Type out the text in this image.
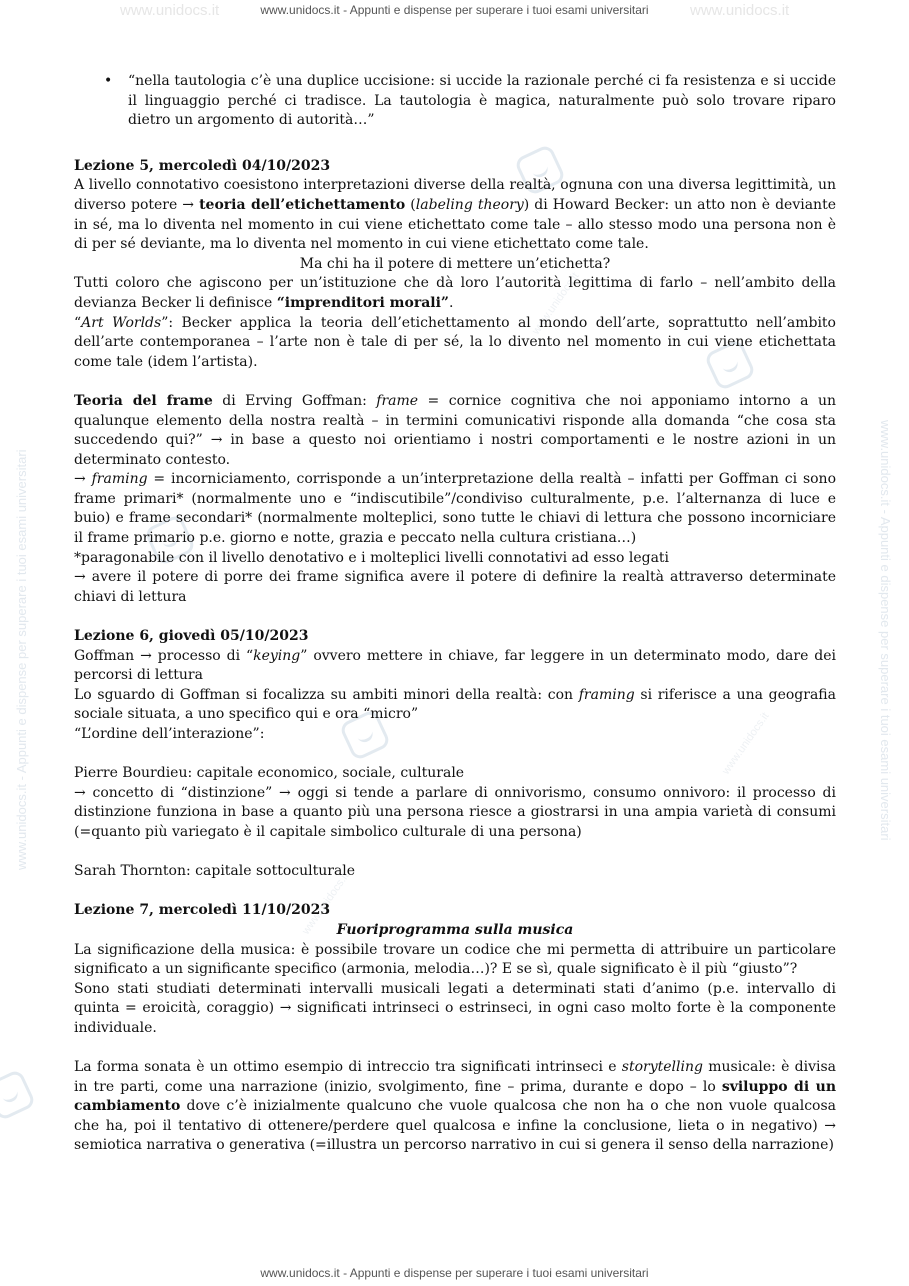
www.unidocs.it	www.unidocs.it
www.unidocs.it - Appunti e dispense per superare i tuoi esami universitari	www.unidocs.it - Appunti e dispense per superare i tuoi esami universitari
www.unidocs.it
www.unidocs.it
www.unidocs.it
www.unidocs.it - Appunti e dispense per superare i tuoi esami universitari
www.unidocs.it - Appunti e dispense per superare i tuoi esami universitari
•	“nella tautologia c’è una duplice uccisione: si uccide la razionale perché ci fa resistenza e si uccide il linguaggio perché ci tradisce. La tautologia è magica, naturalmente può solo trovare riparo dietro un argomento di autorità…”

Lezione 5, mercoledì 04/10/2023

A livello connotativo coesistono interpretazioni diverse della realtà, ognuna con una diversa legittimità, un diverso potere → teoria dell’etichettamento (labeling theory) di Howard Becker: un atto non è deviante in sé, ma lo diventa nel momento in cui viene etichettato come tale – allo stesso modo una persona non è di per sé deviante, ma lo diventa nel momento in cui viene etichettato come tale.

Ma chi ha il potere di mettere un’etichetta?

Tutti coloro che agiscono per un’istituzione che dà loro l’autorità legittima di farlo – nell’ambito della devianza Becker li definisce “imprenditori morali”.

“Art Worlds”: Becker applica la teoria dell’etichettamento al mondo dell’arte, soprattutto nell’ambito dell’arte contemporanea – l’arte non è tale di per sé, la lo divento nel momento in cui viene etichettata come tale (idem l’artista).

Teoria del frame di Erving Goffman: frame = cornice cognitiva che noi apponiamo intorno a un qualunque elemento della nostra realtà – in termini comunicativi risponde alla domanda “che cosa sta succedendo qui?” → in base a questo noi orientiamo i nostri comportamenti e le nostre azioni in un determinato contesto.

→ framing = incorniciamento, corrisponde a un’interpretazione della realtà – infatti per Goffman ci sono frame primari* (normalmente uno e “indiscutibile”/condiviso culturalmente, p.e. l’alternanza di luce e buio) e frame secondari* (normalmente molteplici, sono tutte le chiavi di lettura che possono incorniciare il frame primario p.e. giorno e notte, grazia e peccato nella cultura cristiana…)

*paragonabile con il livello denotativo e i molteplici livelli connotativi ad esso legati

→ avere il potere di porre dei frame significa avere il potere di definire la realtà attraverso determinate chiavi di lettura

Lezione 6, giovedì 05/10/2023

Goffman → processo di “keying” ovvero mettere in chiave, far leggere in un determinato modo, dare dei percorsi di lettura

Lo sguardo di Goffman si focalizza su ambiti minori della realtà: con framing si riferisce a una geografia sociale situata, a uno specifico qui e ora “micro”

“L’ordine dell’interazione”:

Pierre Bourdieu: capitale economico, sociale, culturale

→ concetto di “distinzione” → oggi si tende a parlare di onnivorismo, consumo onnivoro: il processo di distinzione funziona in base a quanto più una persona riesce a giostrarsi in una ampia varietà di consumi (=quanto più variegato è il capitale simbolico culturale di una persona)

Sarah Thornton: capitale sottoculturale

Lezione 7, mercoledì 11/10/2023

Fuoriprogramma sulla musica

La significazione della musica: è possibile trovare un codice che mi permetta di attribuire un particolare significato a un significante specifico (armonia, melodia…)? E se sì, quale significato è il più “giusto”?

Sono stati studiati determinati intervalli musicali legati a determinati stati d’animo (p.e. intervallo di quinta = eroicità, coraggio) → significati intrinseci o estrinseci, in ogni caso molto forte è la componente individuale.

La forma sonata è un ottimo esempio di intreccio tra significati intrinseci e storytelling musicale: è divisa in tre parti, come una narrazione (inizio, svolgimento, fine – prima, durante e dopo – lo sviluppo di un cambiamento dove c’è inizialmente qualcuno che vuole qualcosa che non ha o che non vuole qualcosa che ha, poi il tentativo di ottenere/perdere quel qualcosa e infine la conclusione, lieta o in negativo) → semiotica narrativa o generativa (=illustra un percorso narrativo in cui si genera il senso della narrazione)
